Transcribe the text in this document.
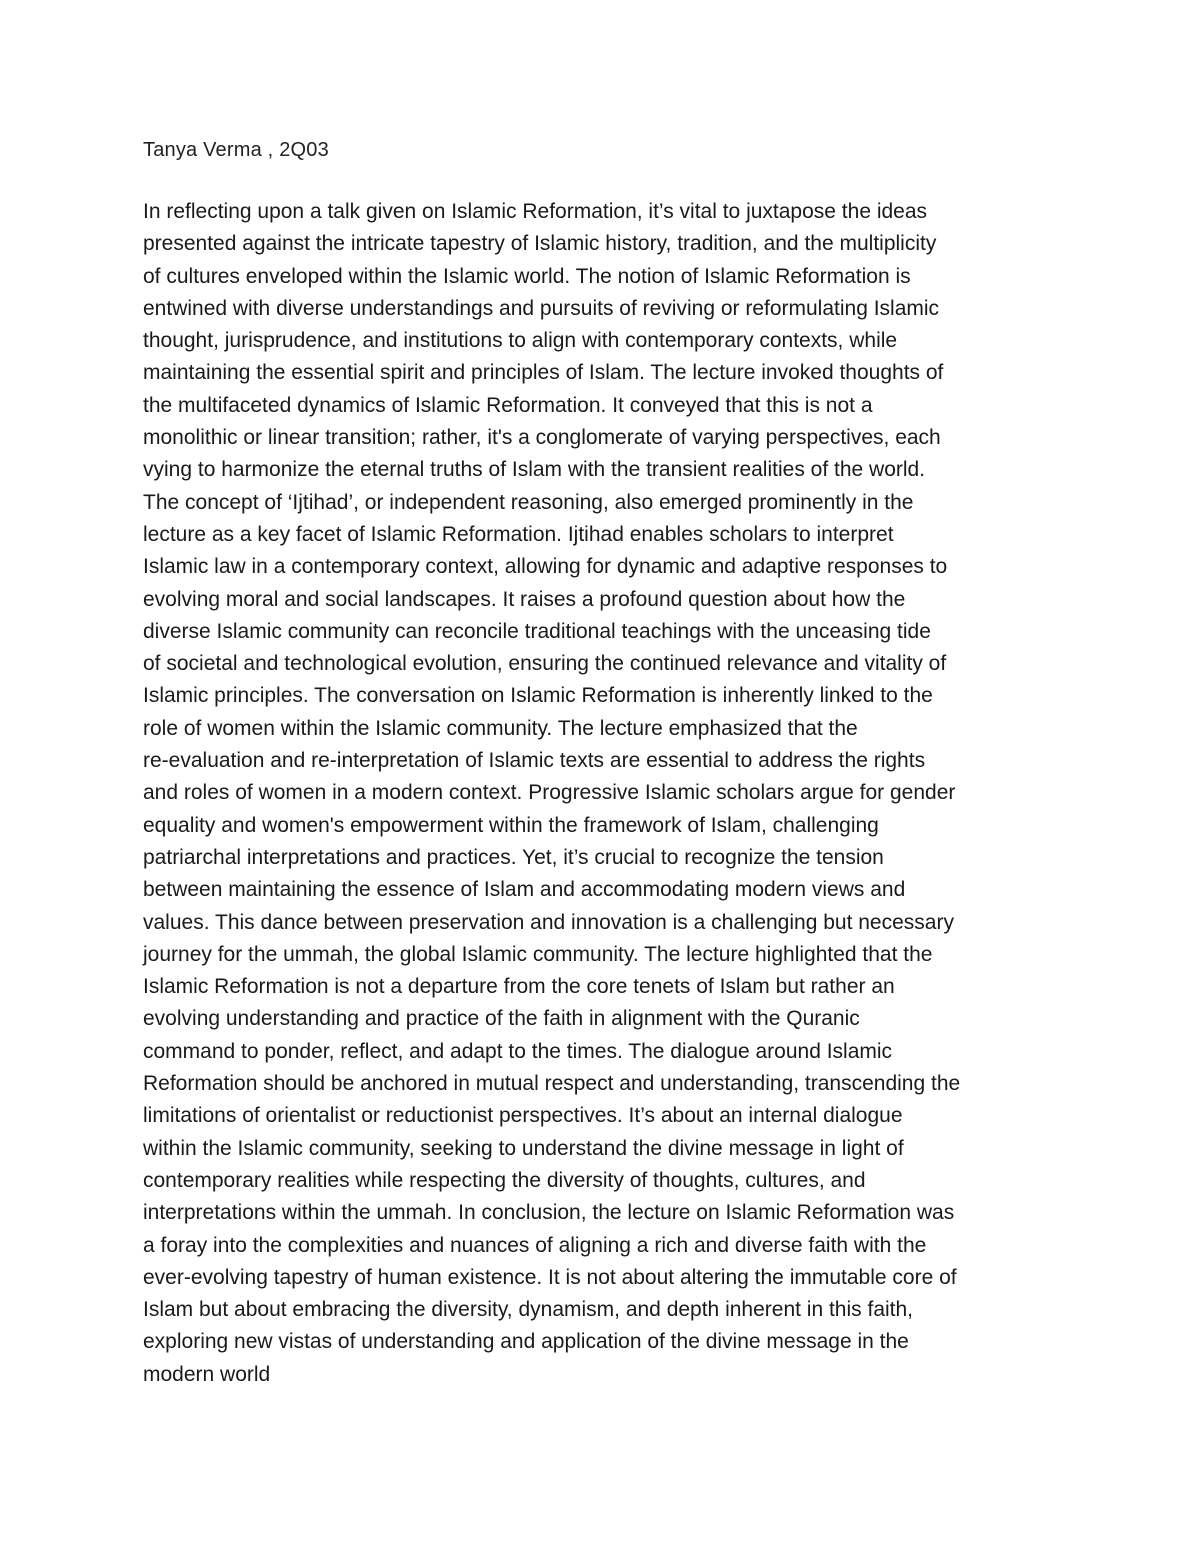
Tanya Verma , 2Q03
In reflecting upon a talk given on Islamic Reformation, it’s vital to juxtapose the ideas
presented against the intricate tapestry of Islamic history, tradition, and the multiplicity
of cultures enveloped within the Islamic world. The notion of Islamic Reformation is
entwined with diverse understandings and pursuits of reviving or reformulating Islamic
thought, jurisprudence, and institutions to align with contemporary contexts, while
maintaining the essential spirit and principles of Islam. The lecture invoked thoughts of
the multifaceted dynamics of Islamic Reformation. It conveyed that this is not a
monolithic or linear transition; rather, it's a conglomerate of varying perspectives, each
vying to harmonize the eternal truths of Islam with the transient realities of the world.
The concept of ‘Ijtihad’, or independent reasoning, also emerged prominently in the
lecture as a key facet of Islamic Reformation. Ijtihad enables scholars to interpret
Islamic law in a contemporary context, allowing for dynamic and adaptive responses to
evolving moral and social landscapes. It raises a profound question about how the
diverse Islamic community can reconcile traditional teachings with the unceasing tide
of societal and technological evolution, ensuring the continued relevance and vitality of
Islamic principles. The conversation on Islamic Reformation is inherently linked to the
role of women within the Islamic community. The lecture emphasized that the
re-evaluation and re-interpretation of Islamic texts are essential to address the rights
and roles of women in a modern context. Progressive Islamic scholars argue for gender
equality and women's empowerment within the framework of Islam, challenging
patriarchal interpretations and practices. Yet, it’s crucial to recognize the tension
between maintaining the essence of Islam and accommodating modern views and
values. This dance between preservation and innovation is a challenging but necessary
journey for the ummah, the global Islamic community. The lecture highlighted that the
Islamic Reformation is not a departure from the core tenets of Islam but rather an
evolving understanding and practice of the faith in alignment with the Quranic
command to ponder, reflect, and adapt to the times. The dialogue around Islamic
Reformation should be anchored in mutual respect and understanding, transcending the
limitations of orientalist or reductionist perspectives. It’s about an internal dialogue
within the Islamic community, seeking to understand the divine message in light of
contemporary realities while respecting the diversity of thoughts, cultures, and
interpretations within the ummah. In conclusion, the lecture on Islamic Reformation was
a foray into the complexities and nuances of aligning a rich and diverse faith with the
ever-evolving tapestry of human existence. It is not about altering the immutable core of
Islam but about embracing the diversity, dynamism, and depth inherent in this faith,
exploring new vistas of understanding and application of the divine message in the
modern world
